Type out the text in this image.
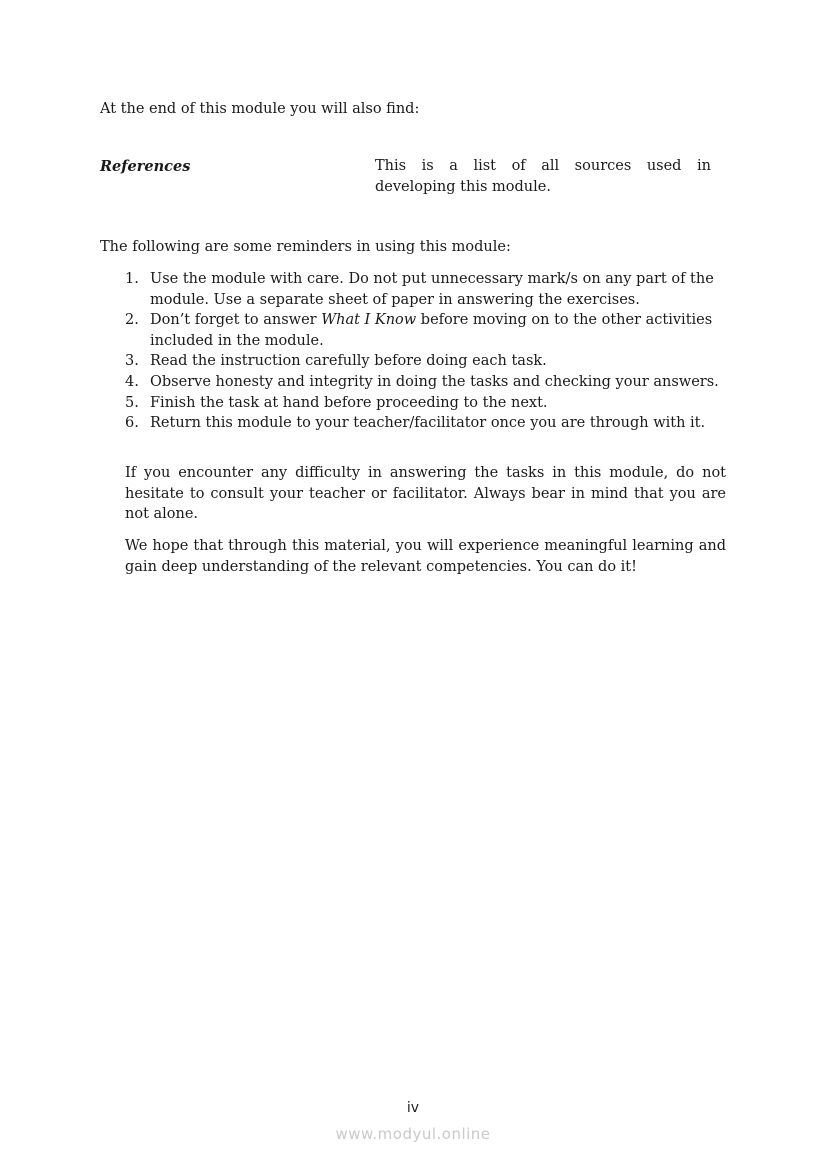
At the end of this module you will also find:
References	This is a list of all sources used in
developing this module.
The following are some reminders in using this module:
1. Use the module with care. Do not put unnecessary mark/s on any part of the module. Use a separate sheet of paper in answering the exercises.
2. Don’t forget to answer What I Know before moving on to the other activities included in the module.
3. Read the instruction carefully before doing each task.
4. Observe honesty and integrity in doing the tasks and checking your answers.
5. Finish the task at hand before proceeding to the next.
6. Return this module to your teacher/facilitator once you are through with it.

If you encounter any difficulty in answering the tasks in this module, do not hesitate to consult your teacher or facilitator. Always bear in mind that you are not alone.

We hope that through this material, you will experience meaningful learning and gain deep understanding of the relevant competencies. You can do it!

iv
www.modyul.online
